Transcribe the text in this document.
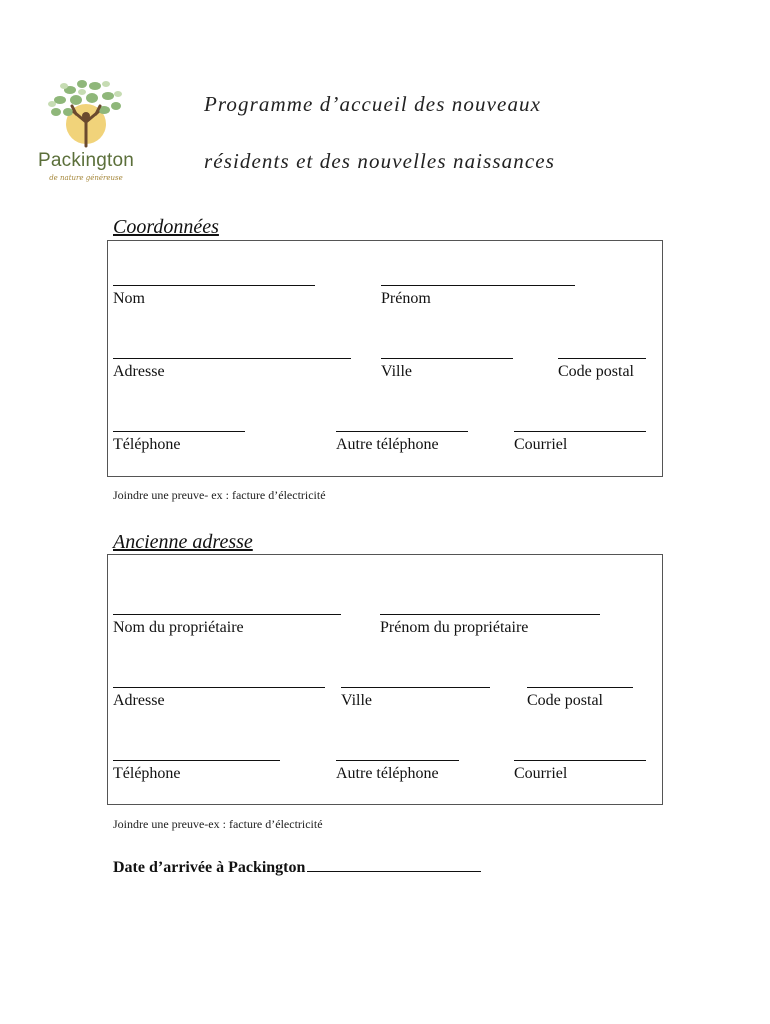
Packington
de nature généreuse
Programme d’accueil des nouveaux
résidents et des nouvelles naissances
Coordonnées
Nom	Prénom
Adresse	Ville	Code postal
Téléphone	Autre téléphone	Courriel
Joindre une preuve- ex : facture d’électricité
Ancienne adresse
Nom du propriétaire	Prénom du propriétaire
Adresse	Ville	Code postal
Téléphone	Autre téléphone	Courriel
Joindre une preuve-ex : facture d’électricité
Date d’arrivée à Packington
